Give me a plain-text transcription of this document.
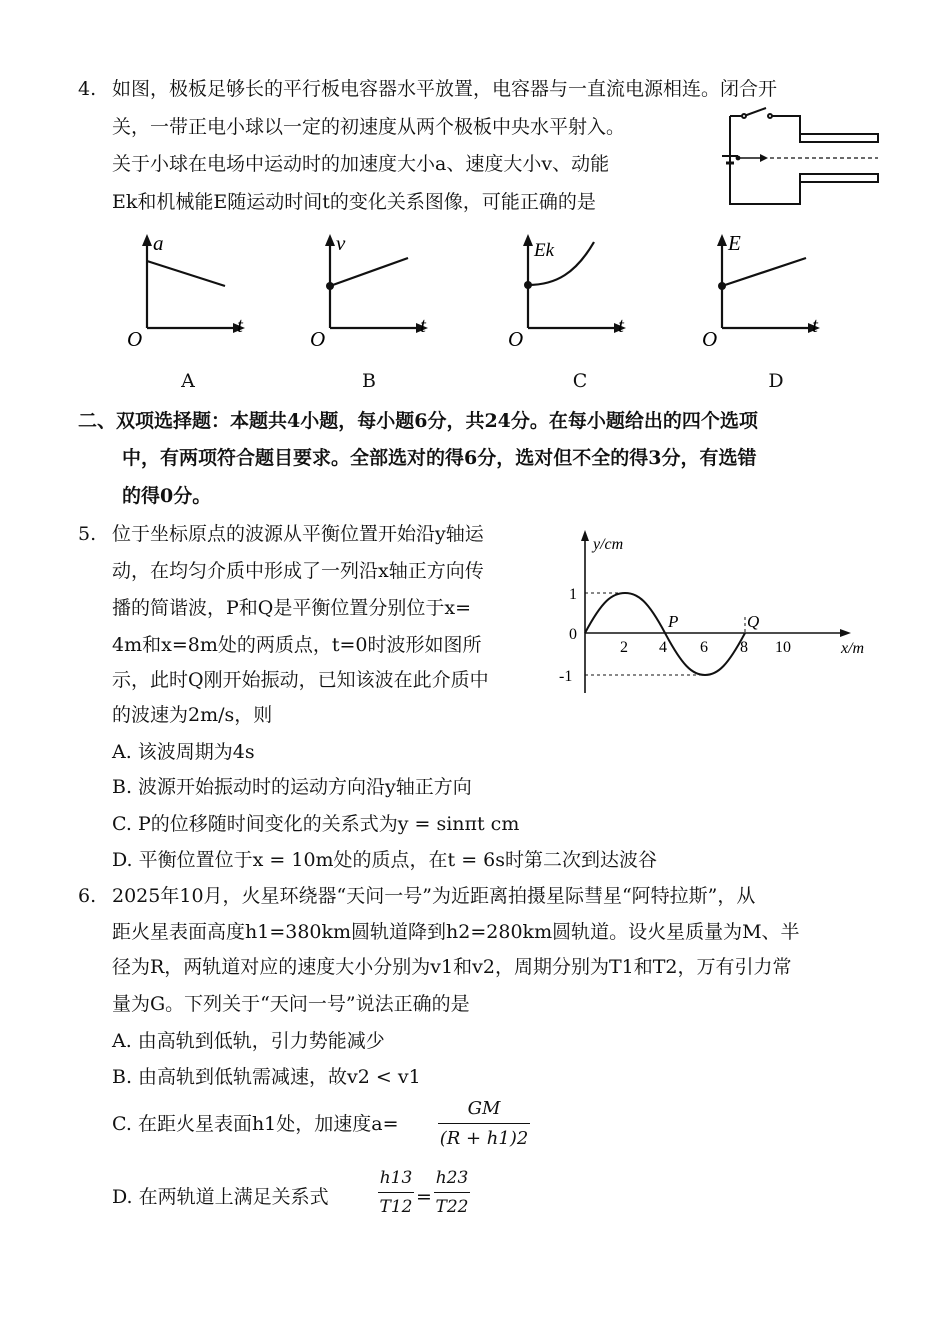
4. 如图，极板足够长的平行板电容器水平放置，电容器与一直流电源相连。闭合开
关，一带正电小球以一定的初速度从两个极板中央水平射入。
关于小球在电场中运动时的加速度大小a、速度大小v、动能
Ek和机械能E随运动时间t的变化关系图像，可能正确的是
a
t
O
v
t
O
Ek
t
O
E
t
O
A	B	C	D
二、双项选择题：本题共4小题，每小题6分，共24分。在每小题给出的四个选项
中，有两项符合题目要求。全部选对的得6分，选对但不全的得3分，有选错
的得0分。
5. 位于坐标原点的波源从平衡位置开始沿y轴运
动，在均匀介质中形成了一列沿x轴正方向传
播的简谐波，P和Q是平衡位置分别位于x=
4m和x=8m处的两质点，t=0时波形如图所
示，此时Q刚开始振动，已知该波在此介质中
的波速为2m/s，则
y/cm
x/m
1
0
-1
2 4 6 8 10
P	Q
A. 该波周期为4s
B. 波源开始振动时的运动方向沿y轴正方向
C. P的位移随时间变化的关系式为y = sinπt cm
D. 平衡位置位于x = 10m处的质点，在t = 6s时第二次到达波谷
6. 2025年10月，火星环绕器“天问一号”为近距离拍摄星际彗星“阿特拉斯”，从
距火星表面高度h1=380km圆轨道降到h2=280km圆轨道。设火星质量为M、半
径为R，两轨道对应的速度大小分别为v1和v2，周期分别为T1和T2，万有引力常
量为G。下列关于“天问一号”说法正确的是
A. 由高轨到低轨，引力势能减少
B. 由高轨到低轨需减速，故v2 < v1
C. 在距火星表面h1处，加速度a=
GM
(R + h1)2
D. 在两轨道上满足关系式
h13
T12 =
h23
T22
